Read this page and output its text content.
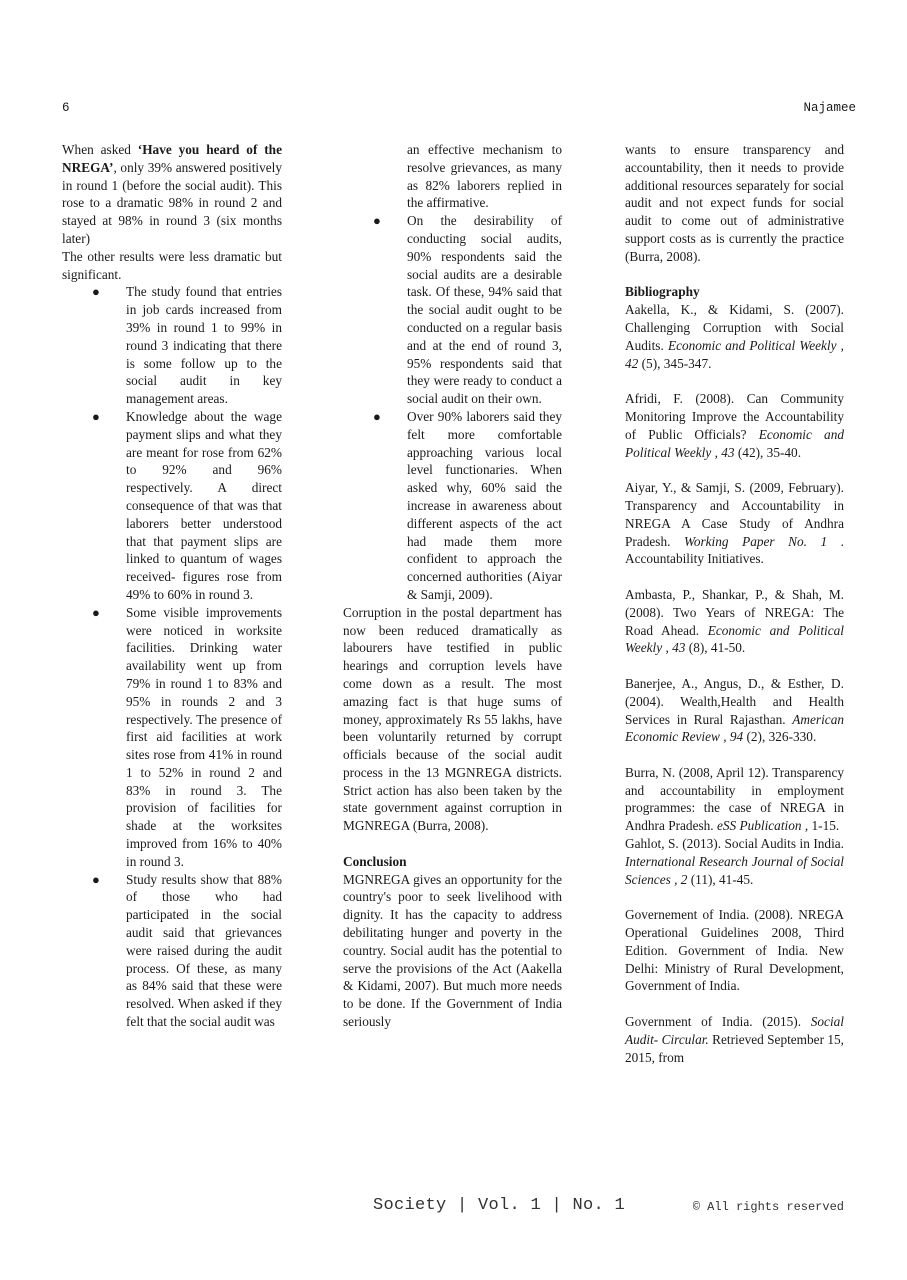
6	Najamee

When asked ‘Have you heard of the NREGA’, only 39% answered positively in round 1 (before the social audit). This rose to a dramatic 98% in round 2 and stayed at 98% in round 3 (six months later)

The other results were less dramatic but significant.

● The study found that entries in job cards increased from 39% in round 1 to 99% in round 3 indicating that there is some follow up to the social audit in key management areas.
● Knowledge about the wage payment slips and what they are meant for rose from 62% to 92% and 96% respectively. A direct consequence of that was that laborers better understood that that payment slips are linked to quantum of wages received- figures rose from 49% to 60% in round 3.
● Some visible improvements were noticed in worksite facilities. Drinking water availability went up from 79% in round 1 to 83% and 95% in rounds 2 and 3 respectively. The presence of first aid facilities at work sites rose from 41% in round 1 to 52% in round 2 and 83% in round 3. The provision of facilities for shade at the worksites improved from 16% to 40% in round 3.
● Study results show that 88% of those who had participated in the social audit said that grievances were raised during the audit process. Of these, as many as 84% said that these were resolved. When asked if they felt that the social audit was
an effective mechanism to resolve grievances, as many as 82% laborers replied in the affirmative.
● On the desirability of conducting social audits, 90% respondents said the social audits are a desirable task. Of these, 94% said that the social audit ought to be conducted on a regular basis and at the end of round 3, 95% respondents said that they were ready to conduct a social audit on their own.
● Over 90% laborers said they felt more comfortable approaching various local level functionaries. When asked why, 60% said the increase in awareness about different aspects of the act had made them more confident to approach the concerned authorities (Aiyar & Samji, 2009).

Corruption in the postal department has now been reduced dramatically as labourers have testified in public hearings and corruption levels have come down as a result. The most amazing fact is that huge sums of money, approximately Rs 55 lakhs, have been voluntarily returned by corrupt officials because of the social audit process in the 13 MGNREGA districts. Strict action has also been taken by the state government against corruption in MGNREGA (Burra, 2008).

Conclusion

MGNREGA gives an opportunity for the country's poor to seek livelihood with dignity. It has the capacity to address debilitating hunger and poverty in the country. Social audit has the potential to serve the provisions of the Act (Aakella & Kidami, 2007). But much more needs to be done. If the Government of India seriously

wants to ensure transparency and accountability, then it needs to provide additional resources separately for social audit and not expect funds for social audit to come out of administrative support costs as is currently the practice (Burra, 2008).

Bibliography

Aakella, K., & Kidami, S. (2007). Challenging Corruption with Social Audits. Economic and Political Weekly , 42 (5), 345-347.
Afridi, F. (2008). Can Community Monitoring Improve the Accountability of Public Officials? Economic and Political Weekly , 43 (42), 35-40.
Aiyar, Y., & Samji, S. (2009, February). Transparency and Accountability in NREGA A Case Study of Andhra Pradesh. Working Paper No. 1 . Accountability Initiatives.
Ambasta, P., Shankar, P., & Shah, M. (2008). Two Years of NREGA: The Road Ahead. Economic and Political Weekly , 43 (8), 41-50.
Banerjee, A., Angus, D., & Esther, D. (2004). Wealth,Health and Health Services in Rural Rajasthan. American Economic Review , 94 (2), 326-330.
Burra, N. (2008, April 12). Transparency and accountability in employment programmes: the case of NREGA in Andhra Pradesh. eSS Publication , 1-15.
Gahlot, S. (2013). Social Audits in India. International Research Journal of Social Sciences , 2 (11), 41-45.
Governement of India. (2008). NREGA Operational Guidelines 2008, Third Edition. Government of India. New Delhi: Ministry of Rural Development, Government of India.
Government of India. (2015). Social Audit- Circular. Retrieved September 15, 2015, from
Society | Vol. 1 | No. 1	© All rights reserved
